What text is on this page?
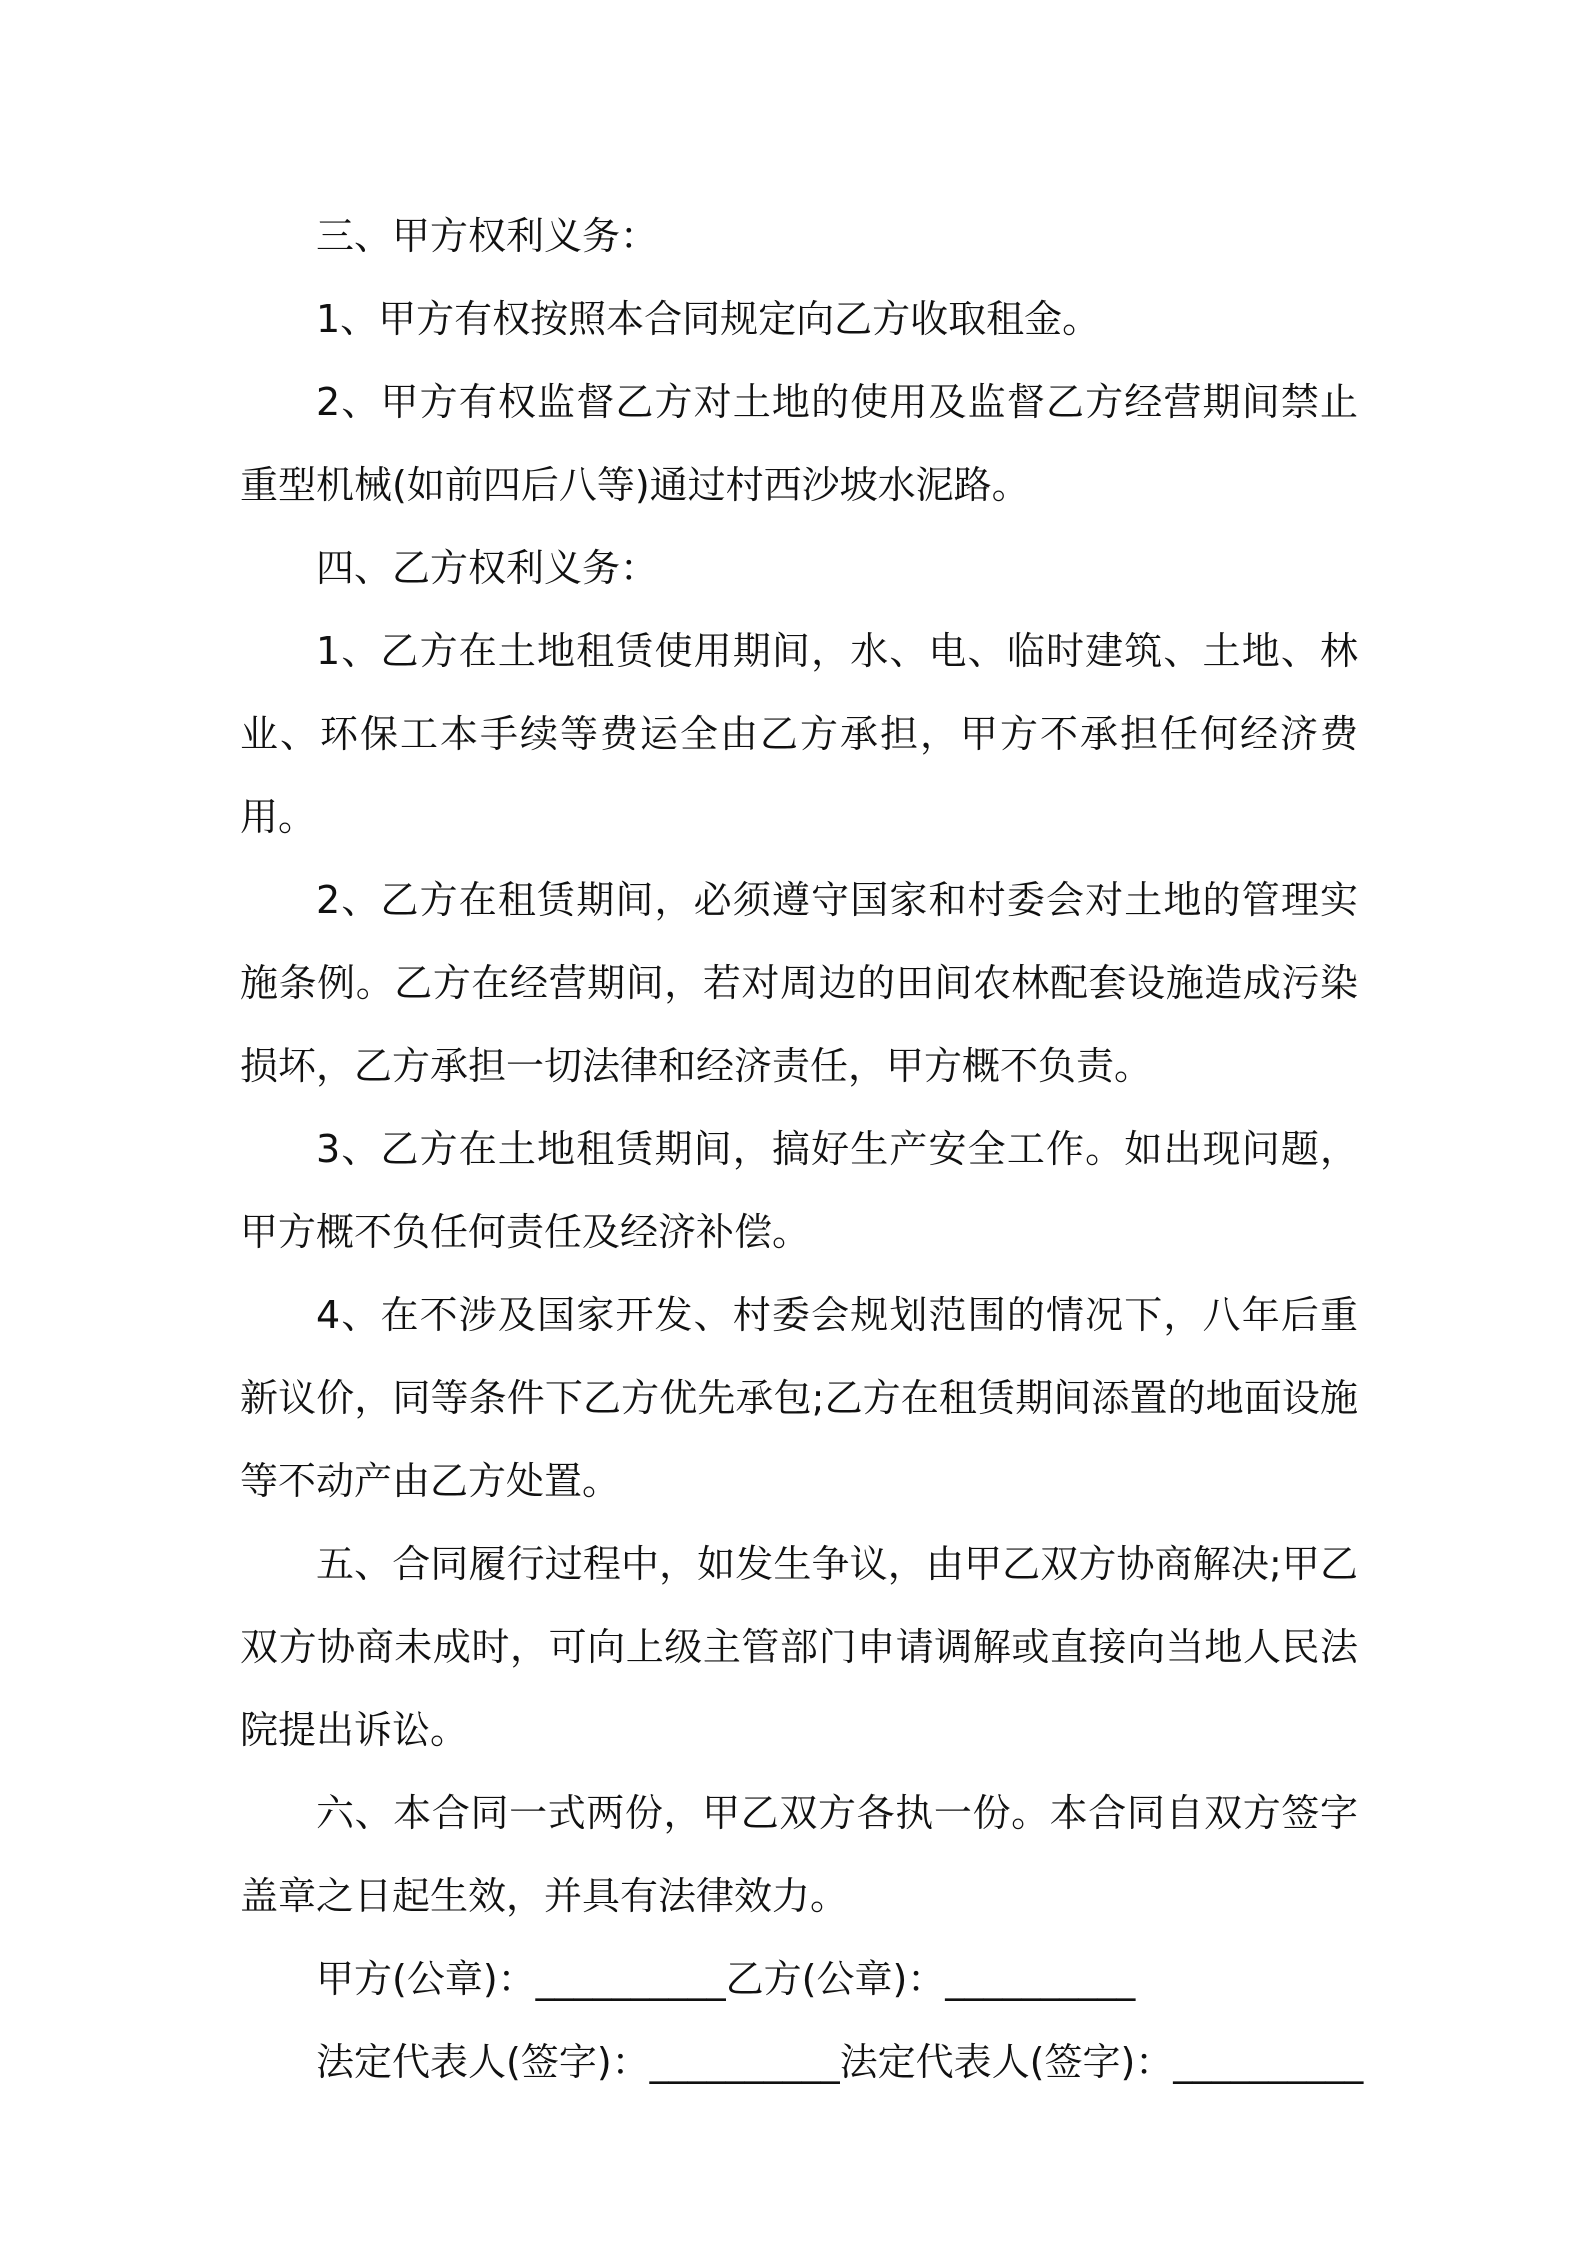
三、甲方权利义务：

1、甲方有权按照本合同规定向乙方收取租金。

2、甲方有权监督乙方对土地的使用及监督乙方经营期间禁止重型机械(如前四后八等)通过村西沙坡水泥路。

四、乙方权利义务：

1、乙方在土地租赁使用期间，水、电、临时建筑、土地、林业、环保工本手续等费运全由乙方承担，甲方不承担任何经济费用。

2、乙方在租赁期间，必须遵守国家和村委会对土地的管理实施条例。乙方在经营期间，若对周边的田间农林配套设施造成污染损坏，乙方承担一切法律和经济责任，甲方概不负责。

3、乙方在土地租赁期间，搞好生产安全工作。如出现问题，甲方概不负任何责任及经济补偿。

4、在不涉及国家开发、村委会规划范围的情况下，八年后重新议价，同等条件下乙方优先承包;乙方在租赁期间添置的地面设施等不动产由乙方处置。

五、合同履行过程中，如发生争议，由甲乙双方协商解决;甲乙双方协商未成时，可向上级主管部门申请调解或直接向当地人民法院提出诉讼。

六、本合同一式两份，甲乙双方各执一份。本合同自双方签字盖章之日起生效，并具有法律效力。

甲方(公章)：__________乙方(公章)：__________

法定代表人(签字)：__________法定代表人(签字)：__________
